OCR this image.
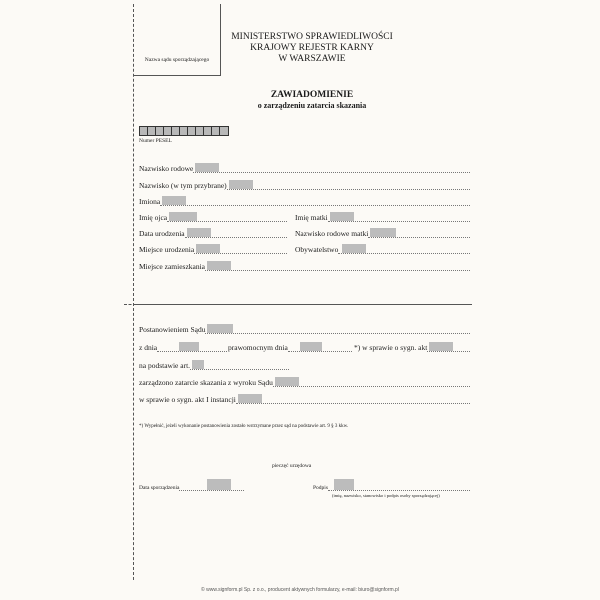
Nazwa sądu sporządzającego
MINISTERSTWO SPRAWIEDLIWOŚCI
KRAJOWY REJESTR KARNY
W WARSZAWIE
ZAWIADOMIENIE
o zarządzeniu zatarcia skazania
Numer PESEL
Nazwisko rodowe
Nazwisko (w tym przybrane)
Imiona
Imię ojca	Imię matki
Data urodzenia	Nazwisko rodowe matki
Miejsce urodzenia	Obywatelstwo
Miejsce zamieszkania
Postanowieniem Sądu
z dnia	prawomocnym dnia	*) w sprawie o sygn. akt
na podstawie art.
zarządzono zatarcie skazania z wyroku Sądu
w sprawie o sygn. akt I instancji
*) Wypełnić, jeżeli wykonanie postanowienia zostało wstrzymane przez sąd na podstawie art. 9 § 3 kkw.
pieczęć urzędowa
Data sporządzenia	Podpis
(imię, nazwisko, stanowisko i podpis osoby sporządzającej)
© www.signform.pl Sp. z o.o., producent aktywnych formularzy, e-mail: biuro@signform.pl
